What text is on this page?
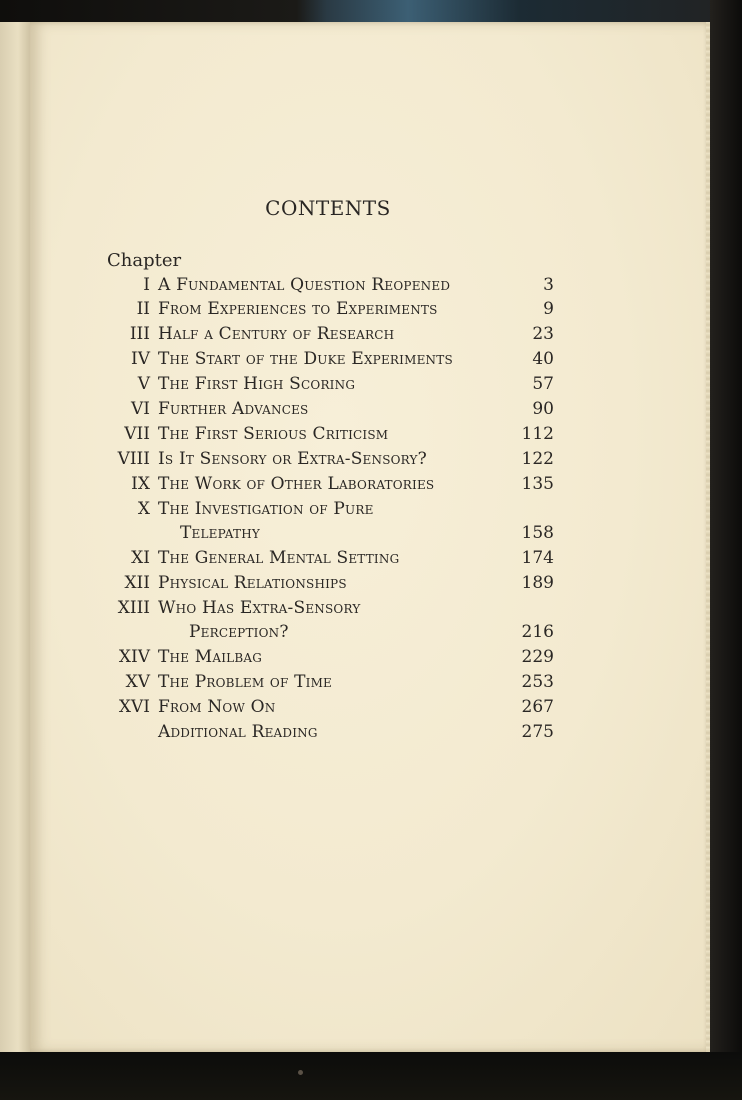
CONTENTS
Chapter
I A Fundamental Question Reopened	3
II From Experiences to Experiments	9
III Half a Century of Research	23
IV The Start of the Duke Experiments	40
V The First High Scoring	57
VI Further Advances	90
VII The First Serious Criticism	112
VIII Is It Sensory or Extra-Sensory?	122
IX The Work of Other Laboratories	135
X The Investigation of Pure
Telepathy	158
XI The General Mental Setting	174
XII Physical Relationships	189
XIII Who Has Extra-Sensory
Perception?	216
XIV The Mailbag	229
XV The Problem of Time	253
XVI From Now On	267
Additional Reading	275
